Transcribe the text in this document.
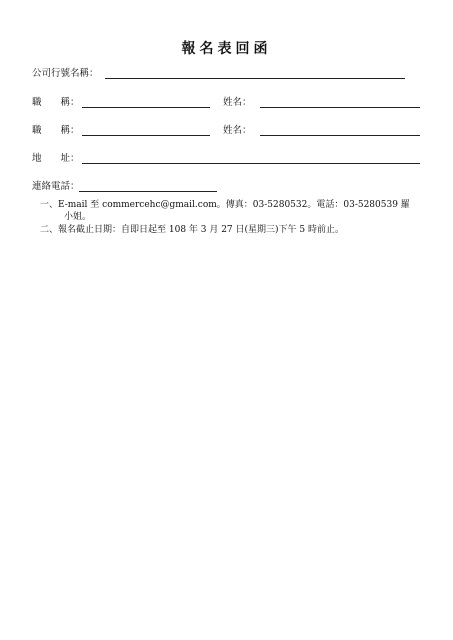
報名表回函
公司行號名稱：
職　　稱：	姓名：
職　　稱：	姓名：
地　　址：
連絡電話：
一、E-mail 至 commercehc@gmail.com。傳真：03-5280532。電話：03-5280539 羅
小姐。
二、報名截止日期：自即日起至 108 年 3 月 27 日(星期三)下午 5 時前止。
